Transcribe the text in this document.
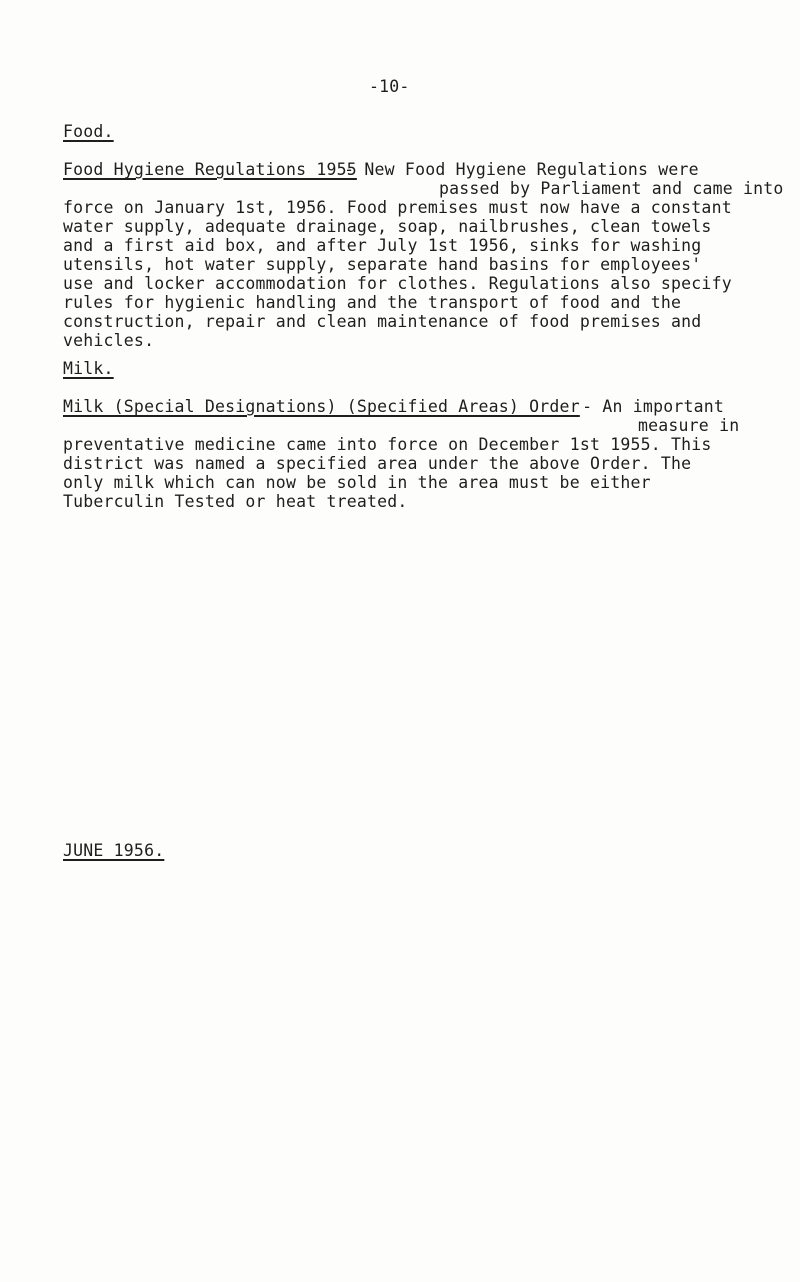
-10-
Food.
Food Hygiene Regulations 1955
- New Food Hygiene Regulations were
passed by Parliament and came into
force on January 1st, 1956. Food premises must now have a constant
water supply, adequate drainage, soap, nailbrushes, clean towels
and a first aid box, and after July 1st 1956, sinks for washing
utensils, hot water supply, separate hand basins for employees'
use and locker accommodation for clothes. Regulations also specify
rules for hygienic handling and the transport of food and the
construction, repair and clean maintenance of food premises and
vehicles.
Milk.
Milk (Special Designations) (Specified Areas) Order
- An important
measure in
preventative medicine came into force on December 1st 1955. This
district was named a specified area under the above Order. The
only milk which can now be sold in the area must be either
Tuberculin Tested or heat treated.
JUNE 1956.
